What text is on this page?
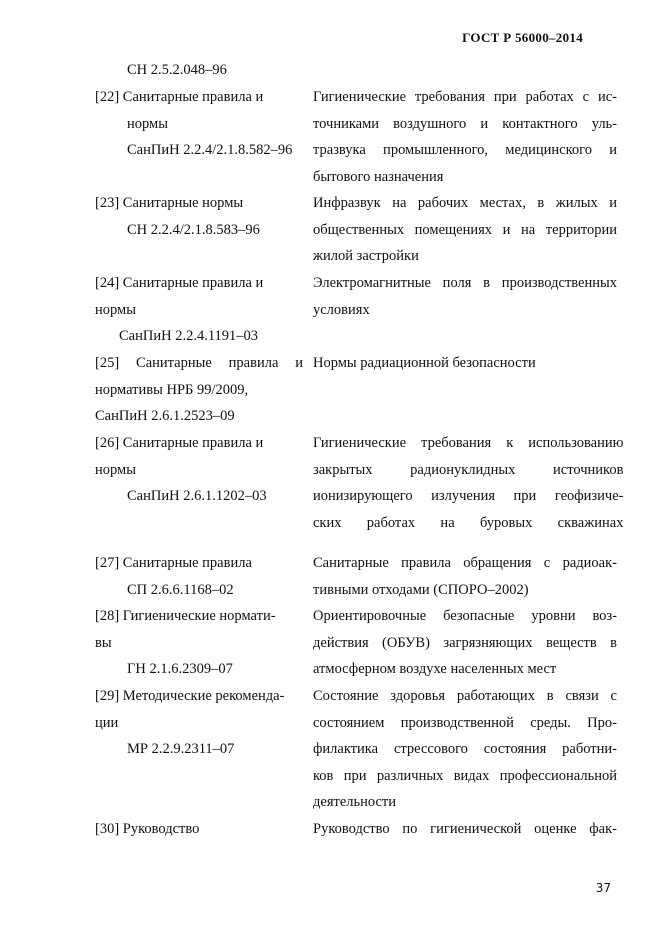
ГОСТ Р 56000–2014
СН 2.5.2.048–96
[22] Санитарные правила и
нормы
СанПиН 2.2.4/2.1.8.582–96
Гигиенические требования при работах с ис-
точниками воздушного и контактного уль-
тразвука промышленного, медицинского и
бытового назначения
[23] Санитарные нормы
СН 2.2.4/2.1.8.583–96
Инфразвук на рабочих местах, в жилых и
общественных помещениях и на территории
жилой застройки
[24] Санитарные правила и
нормы
СанПиН 2.2.4.1191–03
Электромагнитные поля в производственных
условиях
[25]   Санитарные   правила   и
нормативы НРБ 99/2009,
СанПиН 2.6.1.2523–09
Нормы радиационной безопасности
[26] Санитарные правила и
нормы
СанПиН 2.6.1.1202–03
Гигиенические требования к использованию
закрытых радионуклидных источников
ионизирующего излучения при геофизиче-
ских работах на буровых скважинах
[27] Санитарные правила
СП 2.6.6.1168–02
Санитарные правила обращения с радиоак-
тивными отходами (СПОРО–2002)
[28] Гигиенические нормати-
вы
ГН 2.1.6.2309–07
Ориентировочные безопасные уровни воз-
действия (ОБУВ) загрязняющих веществ в
атмосферном воздухе населенных мест
[29] Методические рекоменда-
ции
МР 2.2.9.2311–07
Состояние здоровья работающих в связи с
состоянием производственной среды. Про-
филактика стрессового состояния работни-
ков при различных видах профессиональной
деятельности
[30] Руководство	Руководство по гигиенической оценке фак-
37
